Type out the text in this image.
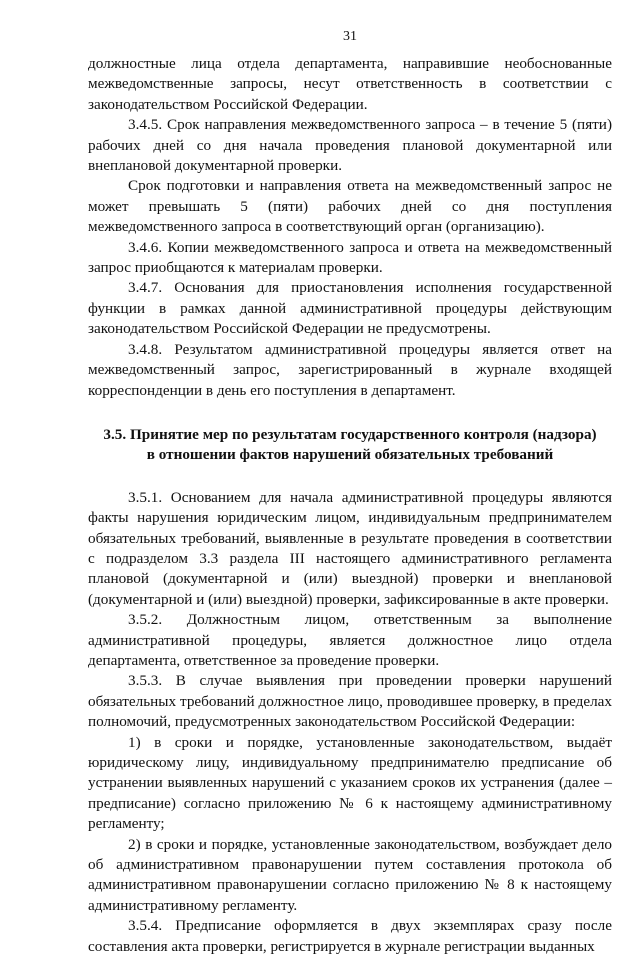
31

должностные лица отдела департамента, направившие необоснованные межведомственные запросы, несут ответственность в соответствии с законодательством Российской Федерации.

3.4.5. Срок направления межведомственного запроса – в течение 5 (пяти) рабочих дней со дня начала проведения плановой документарной или внеплановой документарной проверки.

Срок подготовки и направления ответа на межведомственный запрос не может превышать 5 (пяти) рабочих дней со дня поступления межведомственного запроса в соответствующий орган (организацию).

3.4.6. Копии межведомственного запроса и ответа на межведомственный запрос приобщаются к материалам проверки.

3.4.7. Основания для приостановления исполнения государственной функции в рамках данной административной процедуры действующим законодательством Российской Федерации не предусмотрены.

3.4.8. Результатом административной процедуры является ответ на межведомственный запрос, зарегистрированный в журнале входящей корреспонденции в день его поступления в департамент.

3.5. Принятие мер по результатам государственного контроля (надзора)
в отношении фактов нарушений обязательных требований

3.5.1. Основанием для начала административной процедуры являются факты нарушения юридическим лицом, индивидуальным предпринимателем обязательных требований, выявленные в результате проведения в соответствии с подразделом 3.3 раздела III настоящего административного регламента плановой (документарной и (или) выездной) проверки и внеплановой (документарной и (или) выездной) проверки, зафиксированные в акте проверки.

3.5.2. Должностным лицом, ответственным за выполнение административной процедуры, является должностное лицо отдела департамента, ответственное за проведение проверки.

3.5.3. В случае выявления при проведении проверки нарушений обязательных требований должностное лицо, проводившее проверку, в пределах полномочий, предусмотренных законодательством Российской Федерации:

1) в сроки и порядке, установленные законодательством, выдаёт юридическому лицу, индивидуальному предпринимателю предписание об устранении выявленных нарушений с указанием сроков их устранения (далее – предписание) согласно приложению № 6 к настоящему административному регламенту;

2) в сроки и порядке, установленные законодательством, возбуждает дело об административном правонарушении путем составления протокола об административном правонарушении согласно приложению № 8 к настоящему административному регламенту.

3.5.4. Предписание оформляется в двух экземплярах сразу после составления акта проверки, регистрируется в журнале регистрации выданных
